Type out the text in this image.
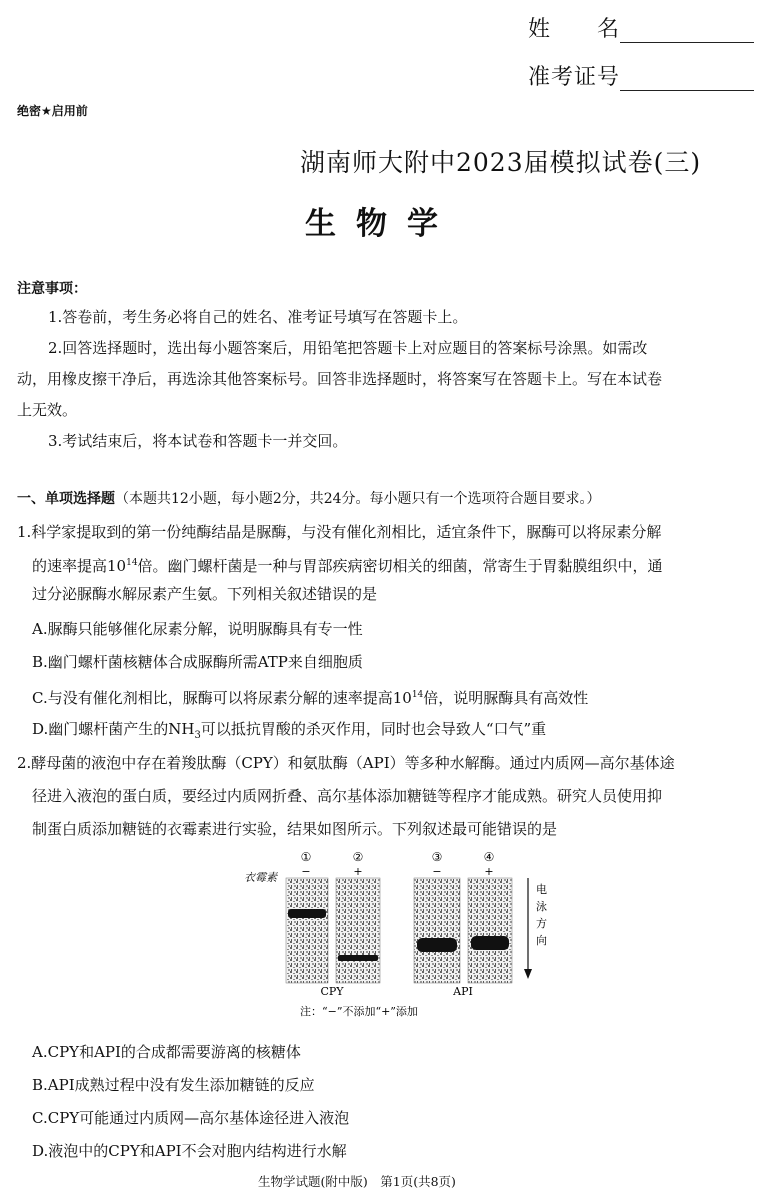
姓　　名
准考证号
绝密★启用前
湖南师大附中2023届模拟试卷(三)
生物学
注意事项：
1.答卷前，考生务必将自己的姓名、准考证号填写在答题卡上。
2.回答选择题时，选出每小题答案后，用铅笔把答题卡上对应题目的答案标号涂黑。如需改
动，用橡皮擦干净后，再选涂其他答案标号。回答非选择题时，将答案写在答题卡上。写在本试卷
上无效。
3.考试结束后，将本试卷和答题卡一并交回。
一、单项选择题（本题共12小题，每小题2分，共24分。每小题只有一个选项符合题目要求。）
1.科学家提取到的第一份纯酶结晶是脲酶，与没有催化剂相比，适宜条件下，脲酶可以将尿素分解
的速率提高$10^{14}$倍。幽门螺杆菌是一种与胃部疾病密切相关的细菌，常寄生于胃黏膜组织中，通
过分泌脲酶水解尿素产生氨。下列相关叙述错误的是
A.脲酶只能够催化尿素分解，说明脲酶具有专一性
B.幽门螺杆菌核糖体合成脲酶所需ATP来自细胞质
C.与没有催化剂相比，脲酶可以将尿素分解的速率提高$10^{14}$倍，说明脲酶具有高效性
D.幽门螺杆菌产生的$NH_3$可以抵抗胃酸的杀灭作用，同时也会导致人“口气”重
2.酵母菌的液泡中存在着羧肽酶（CPY）和氨肽酶（API）等多种水解酶。通过内质网—高尔基体途
径进入液泡的蛋白质，要经过内质网折叠、高尔基体添加糖链等程序才能成熟。研究人员使用抑
制蛋白质添加糖链的衣霉素进行实验，结果如图所示。下列叙述最可能错误的是
①	②	③	④
衣霉素 −	+	−	+
电泳方向
CPY	API
注：“−”不添加“+”添加
A.CPY和API的合成都需要游离的核糖体
B.API成熟过程中没有发生添加糖链的反应
C.CPY可能通过内质网—高尔基体途径进入液泡
D.液泡中的CPY和API不会对胞内结构进行水解
生物学试题(附中版)　第1页(共8页)
